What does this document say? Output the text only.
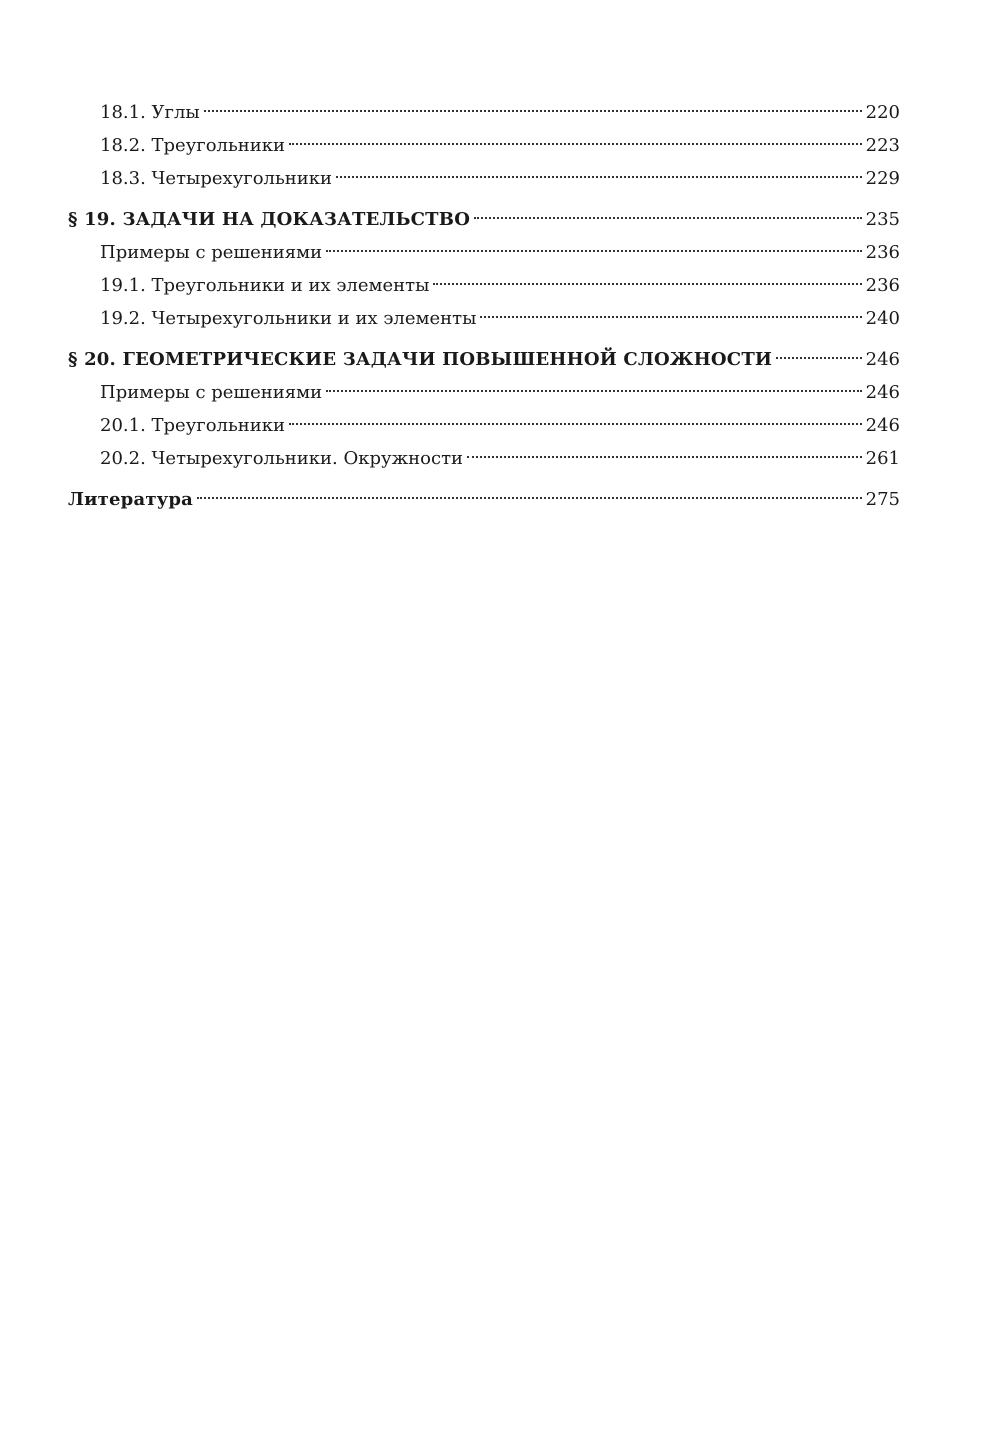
18.1. Углы	220
18.2. Треугольники	223
18.3. Четырехугольники	229
§ 19. ЗАДАЧИ НА ДОКАЗАТЕЛЬСТВО	235
Примеры с решениями	236
19.1. Треугольники и их элементы	236
19.2. Четырехугольники и их элементы	240
§ 20. ГЕОМЕТРИЧЕСКИЕ ЗАДАЧИ ПОВЫШЕННОЙ СЛОЖНОСТИ	246
Примеры с решениями	246
20.1. Треугольники	246
20.2. Четырехугольники. Окружности	261
Литература	275
